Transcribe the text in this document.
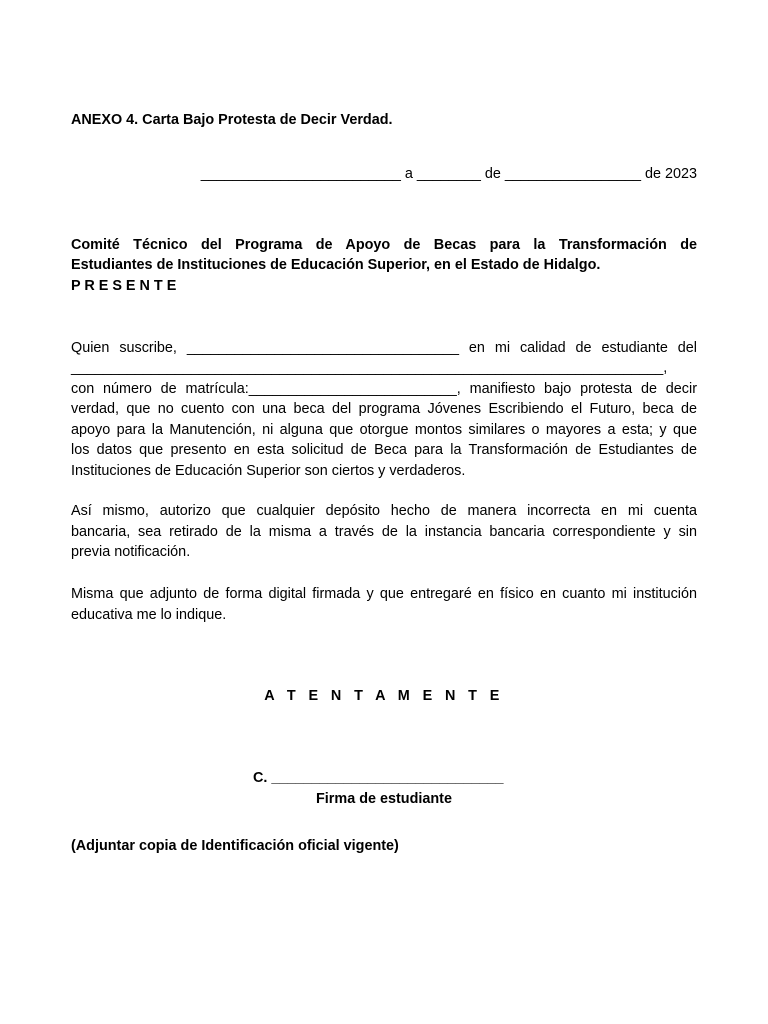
ANEXO 4. Carta Bajo Protesta de Decir Verdad.
_________________________ a ________ de _________________ de 2023
Comité Técnico del Programa de Apoyo de Becas para la Transformación de
Estudiantes de Instituciones de Educación Superior, en el Estado de Hidalgo.
P R E S E N T E
Quien suscribe, __________________________________ en mi calidad de estudiante del
__________________________________________________________________________,
con número de matrícula:__________________________, manifiesto bajo protesta de decir
verdad, que no cuento con una beca del programa Jóvenes Escribiendo el Futuro, beca de
apoyo para la Manutención, ni alguna que otorgue montos similares o mayores a esta; y que
los datos que presento en esta solicitud de Beca para la Transformación de Estudiantes de
Instituciones de Educación Superior son ciertos y verdaderos.
Así mismo, autorizo que cualquier depósito hecho de manera incorrecta en mi cuenta
bancaria, sea retirado de la misma a través de la instancia bancaria correspondiente y sin
previa notificación.
Misma que adjunto de forma digital firmada y que entregaré en físico en cuanto mi institución
educativa me lo indique.
A T E N T A M E N T E
C. _____________________________
Firma de estudiante
(Adjuntar copia de Identificación oficial vigente)
